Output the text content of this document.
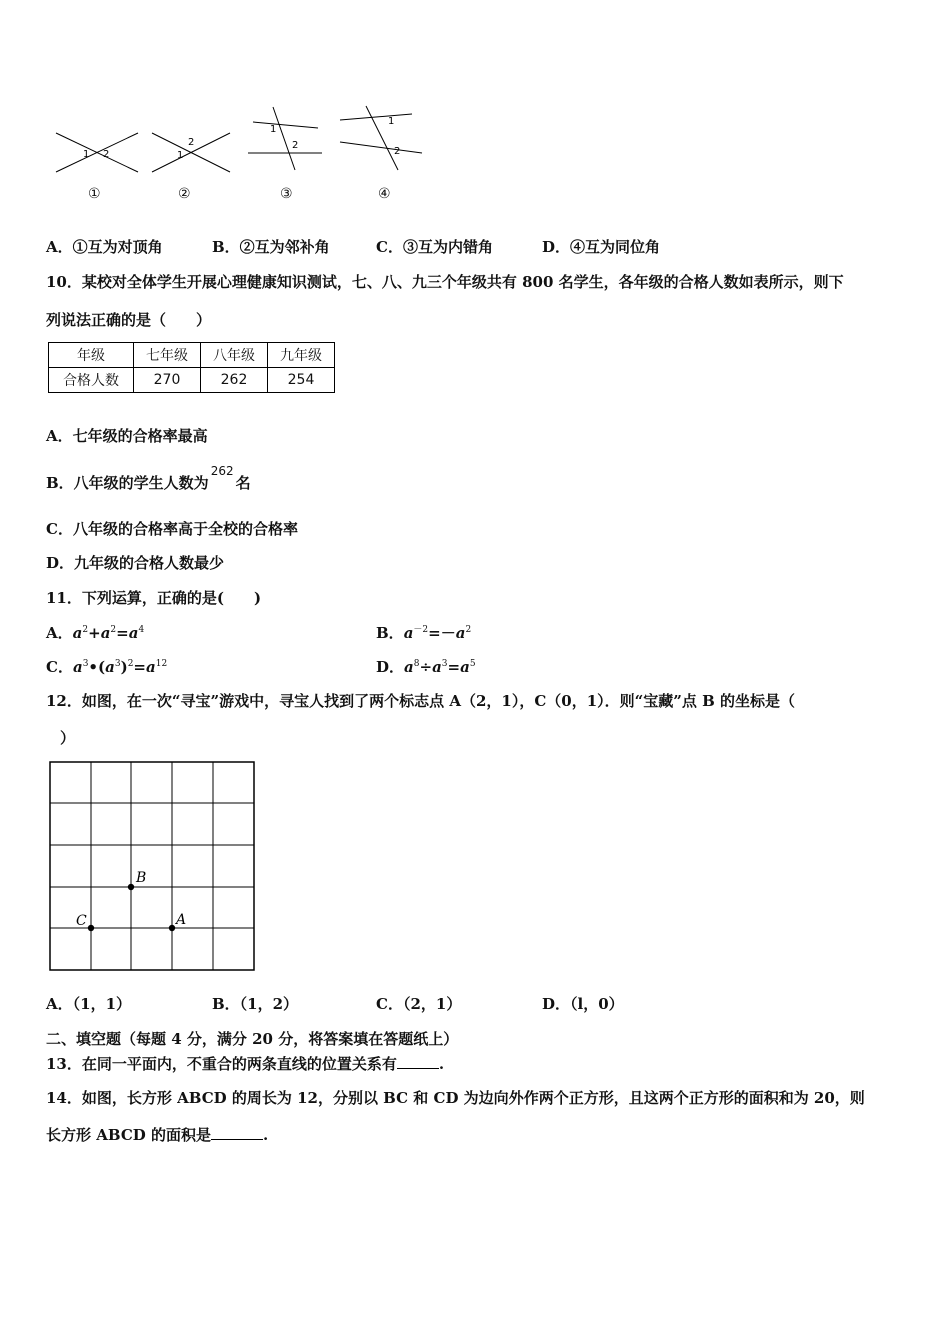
1 2	1
2
1
2
1
2
①	②	③	④
A．①互为对顶角	B．②互为邻补角	C．③互为内错角	D．④互为同位角
10．某校对全体学生开展心理健康知识测试，七、八、九三个年级共有 800 名学生，各年级的合格人数如表所示，则下
列说法正确的是（　　）
年级	七年级	八年级	九年级
合格人数	270	262	254
A．七年级的合格率最高
B．八年级的学生人数为$^{262}$名
C．八年级的合格率高于全校的合格率
D．九年级的合格人数最少
11．下列运算，正确的是(　　)
A．$a^2+a^2=a^4$	B．$a^{-2}=-a^2$
C．$a^3•(a^3)^2=a^{12}$	D．$a^8\div a^3=a^5$
12．如图，在一次“寻宝”游戏中，寻宝人找到了两个标志点 A（2，1），C（0，1）．则“宝藏”点 B 的坐标是（
）
B
C	A
A．（1，1）	B．（1，2）	C．（2，1）	D．（l，0）
二、填空题（每题 4 分，满分 20 分，将答案填在答题纸上）
13．在同一平面内，不重合的两条直线的位置关系有	.
14．如图，长方形 ABCD 的周长为 12，分别以 BC 和 CD 为边向外作两个正方形，且这两个正方形的面积和为 20，则
长方形 ABCD 的面积是	.
